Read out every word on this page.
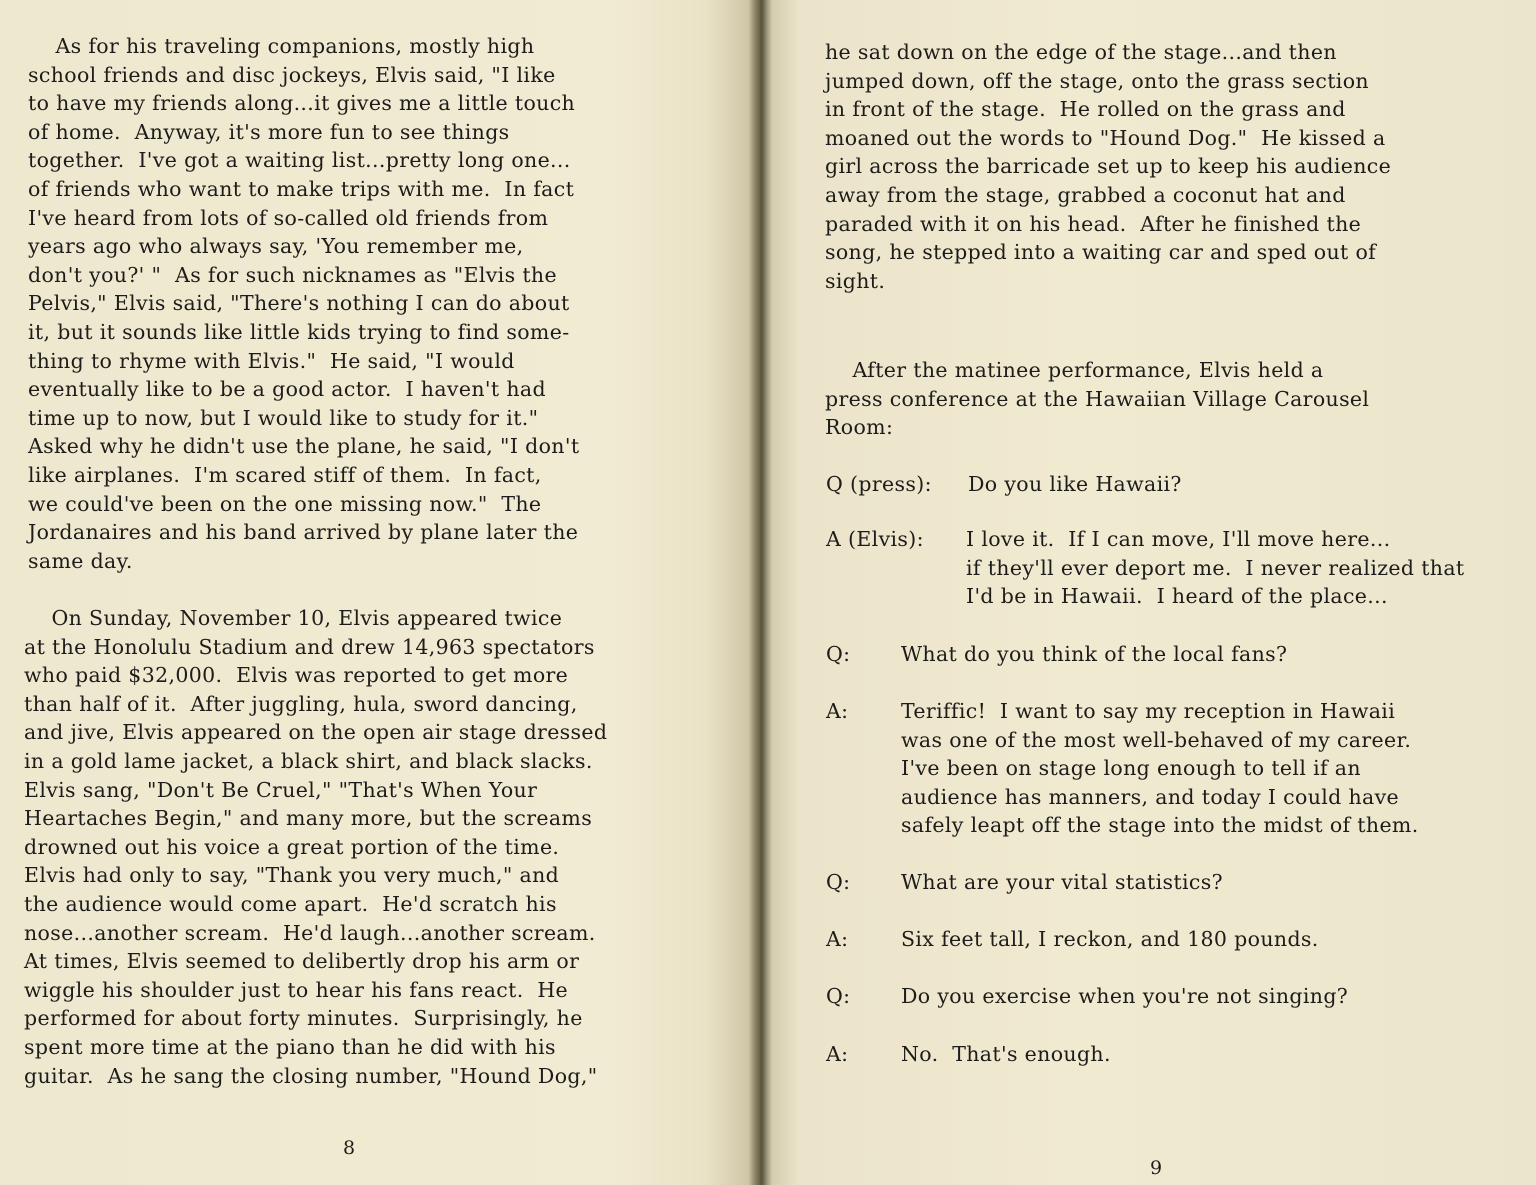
As for his traveling companions, mostly high
school friends and disc jockeys, Elvis said, "I like
to have my friends along...it gives me a little touch
of home.  Anyway, it's more fun to see things
together.  I've got a waiting list...pretty long one...
of friends who want to make trips with me.  In fact
I've heard from lots of so-called old friends from
years ago who always say, 'You remember me,
don't you?' "  As for such nicknames as "Elvis the
Pelvis," Elvis said, "There's nothing I can do about
it, but it sounds like little kids trying to find some-
thing to rhyme with Elvis."  He said, "I would
eventually like to be a good actor.  I haven't had
time up to now, but I would like to study for it."
Asked why he didn't use the plane, he said, "I don't
like airplanes.  I'm scared stiff of them.  In fact,
we could've been on the one missing now."  The
Jordanaires and his band arrived by plane later the
same day.
On Sunday, November 10, Elvis appeared twice
at the Honolulu Stadium and drew 14,963 spectators
who paid $32,000.  Elvis was reported to get more
than half of it.  After juggling, hula, sword dancing,
and jive, Elvis appeared on the open air stage dressed
in a gold lame jacket, a black shirt, and black slacks.
Elvis sang, "Don't Be Cruel," "That's When Your
Heartaches Begin," and many more, but the screams
drowned out his voice a great portion of the time.
Elvis had only to say, "Thank you very much," and
the audience would come apart.  He'd scratch his
nose...another scream.  He'd laugh...another scream.
At times, Elvis seemed to delibertly drop his arm or
wiggle his shoulder just to hear his fans react.  He
performed for about forty minutes.  Surprisingly, he
spent more time at the piano than he did with his
guitar.  As he sang the closing number, "Hound Dog,"
8
he sat down on the edge of the stage...and then
jumped down, off the stage, onto the grass section
in front of the stage.  He rolled on the grass and
moaned out the words to "Hound Dog."  He kissed a
girl across the barricade set up to keep his audience
away from the stage, grabbed a coconut hat and
paraded with it on his head.  After he finished the
song, he stepped into a waiting car and sped out of
sight.
After the matinee performance, Elvis held a
press conference at the Hawaiian Village Carousel
Room:
Q (press):	Do you like Hawaii?
A (Elvis):	I love it.  If I can move, I'll move here...
if they'll ever deport me.  I never realized that
I'd be in Hawaii.  I heard of the place...
Q:	What do you think of the local fans?
A:	Teriffic!  I want to say my reception in Hawaii
was one of the most well-behaved of my career.
I've been on stage long enough to tell if an
audience has manners, and today I could have
safely leapt off the stage into the midst of them.
Q:	What are your vital statistics?
A:	Six feet tall, I reckon, and 180 pounds.
Q:	Do you exercise when you're not singing?
A:	No.  That's enough.
9
